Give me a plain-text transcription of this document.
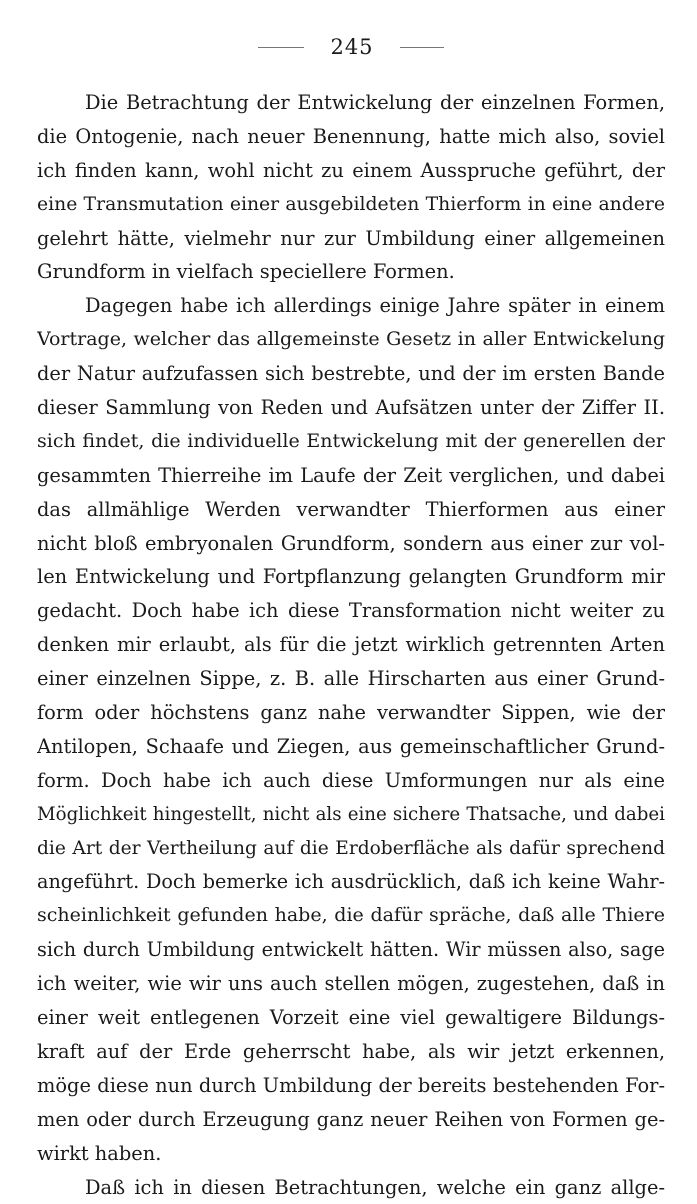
245
Die Betrachtung der Entwickelung der einzelnen Formen,
die Ontogenie, nach neuer Benennung, hatte mich also, soviel
ich finden kann, wohl nicht zu einem Ausspruche geführt, der
eine Transmutation einer ausgebildeten Thierform in eine andere
gelehrt hätte, vielmehr nur zur Umbildung einer allgemeinen
Grundform in vielfach speciellere Formen.
Dagegen habe ich allerdings einige Jahre später in einem
Vortrage, welcher das allgemeinste Gesetz in aller Entwickelung
der Natur aufzufassen sich bestrebte, und der im ersten Bande
dieser Sammlung von Reden und Aufsätzen unter der Ziffer II.
sich findet, die individuelle Entwickelung mit der generellen der
gesammten Thierreihe im Laufe der Zeit verglichen, und dabei
das allmählige Werden verwandter Thierformen aus einer
nicht bloß embryonalen Grundform, sondern aus einer zur vol-
len Entwickelung und Fortpflanzung gelangten Grundform mir
gedacht. Doch habe ich diese Transformation nicht weiter zu
denken mir erlaubt, als für die jetzt wirklich getrennten Arten
einer einzelnen Sippe, z. B. alle Hirscharten aus einer Grund-
form oder höchstens ganz nahe verwandter Sippen, wie der
Antilopen, Schaafe und Ziegen, aus gemeinschaftlicher Grund-
form. Doch habe ich auch diese Umformungen nur als eine
Möglichkeit hingestellt, nicht als eine sichere Thatsache, und dabei
die Art der Vertheilung auf die Erdoberfläche als dafür sprechend
angeführt. Doch bemerke ich ausdrücklich, daß ich keine Wahr-
scheinlichkeit gefunden habe, die dafür spräche, daß alle Thiere
sich durch Umbildung entwickelt hätten. Wir müssen also, sage
ich weiter, wie wir uns auch stellen mögen, zugestehen, daß in
einer weit entlegenen Vorzeit eine viel gewaltigere Bildungs-
kraft auf der Erde geherrscht habe, als wir jetzt erkennen,
möge diese nun durch Umbildung der bereits bestehenden For-
men oder durch Erzeugung ganz neuer Reihen von Formen ge-
wirkt haben.
Daß ich in diesen Betrachtungen, welche ein ganz allge-
